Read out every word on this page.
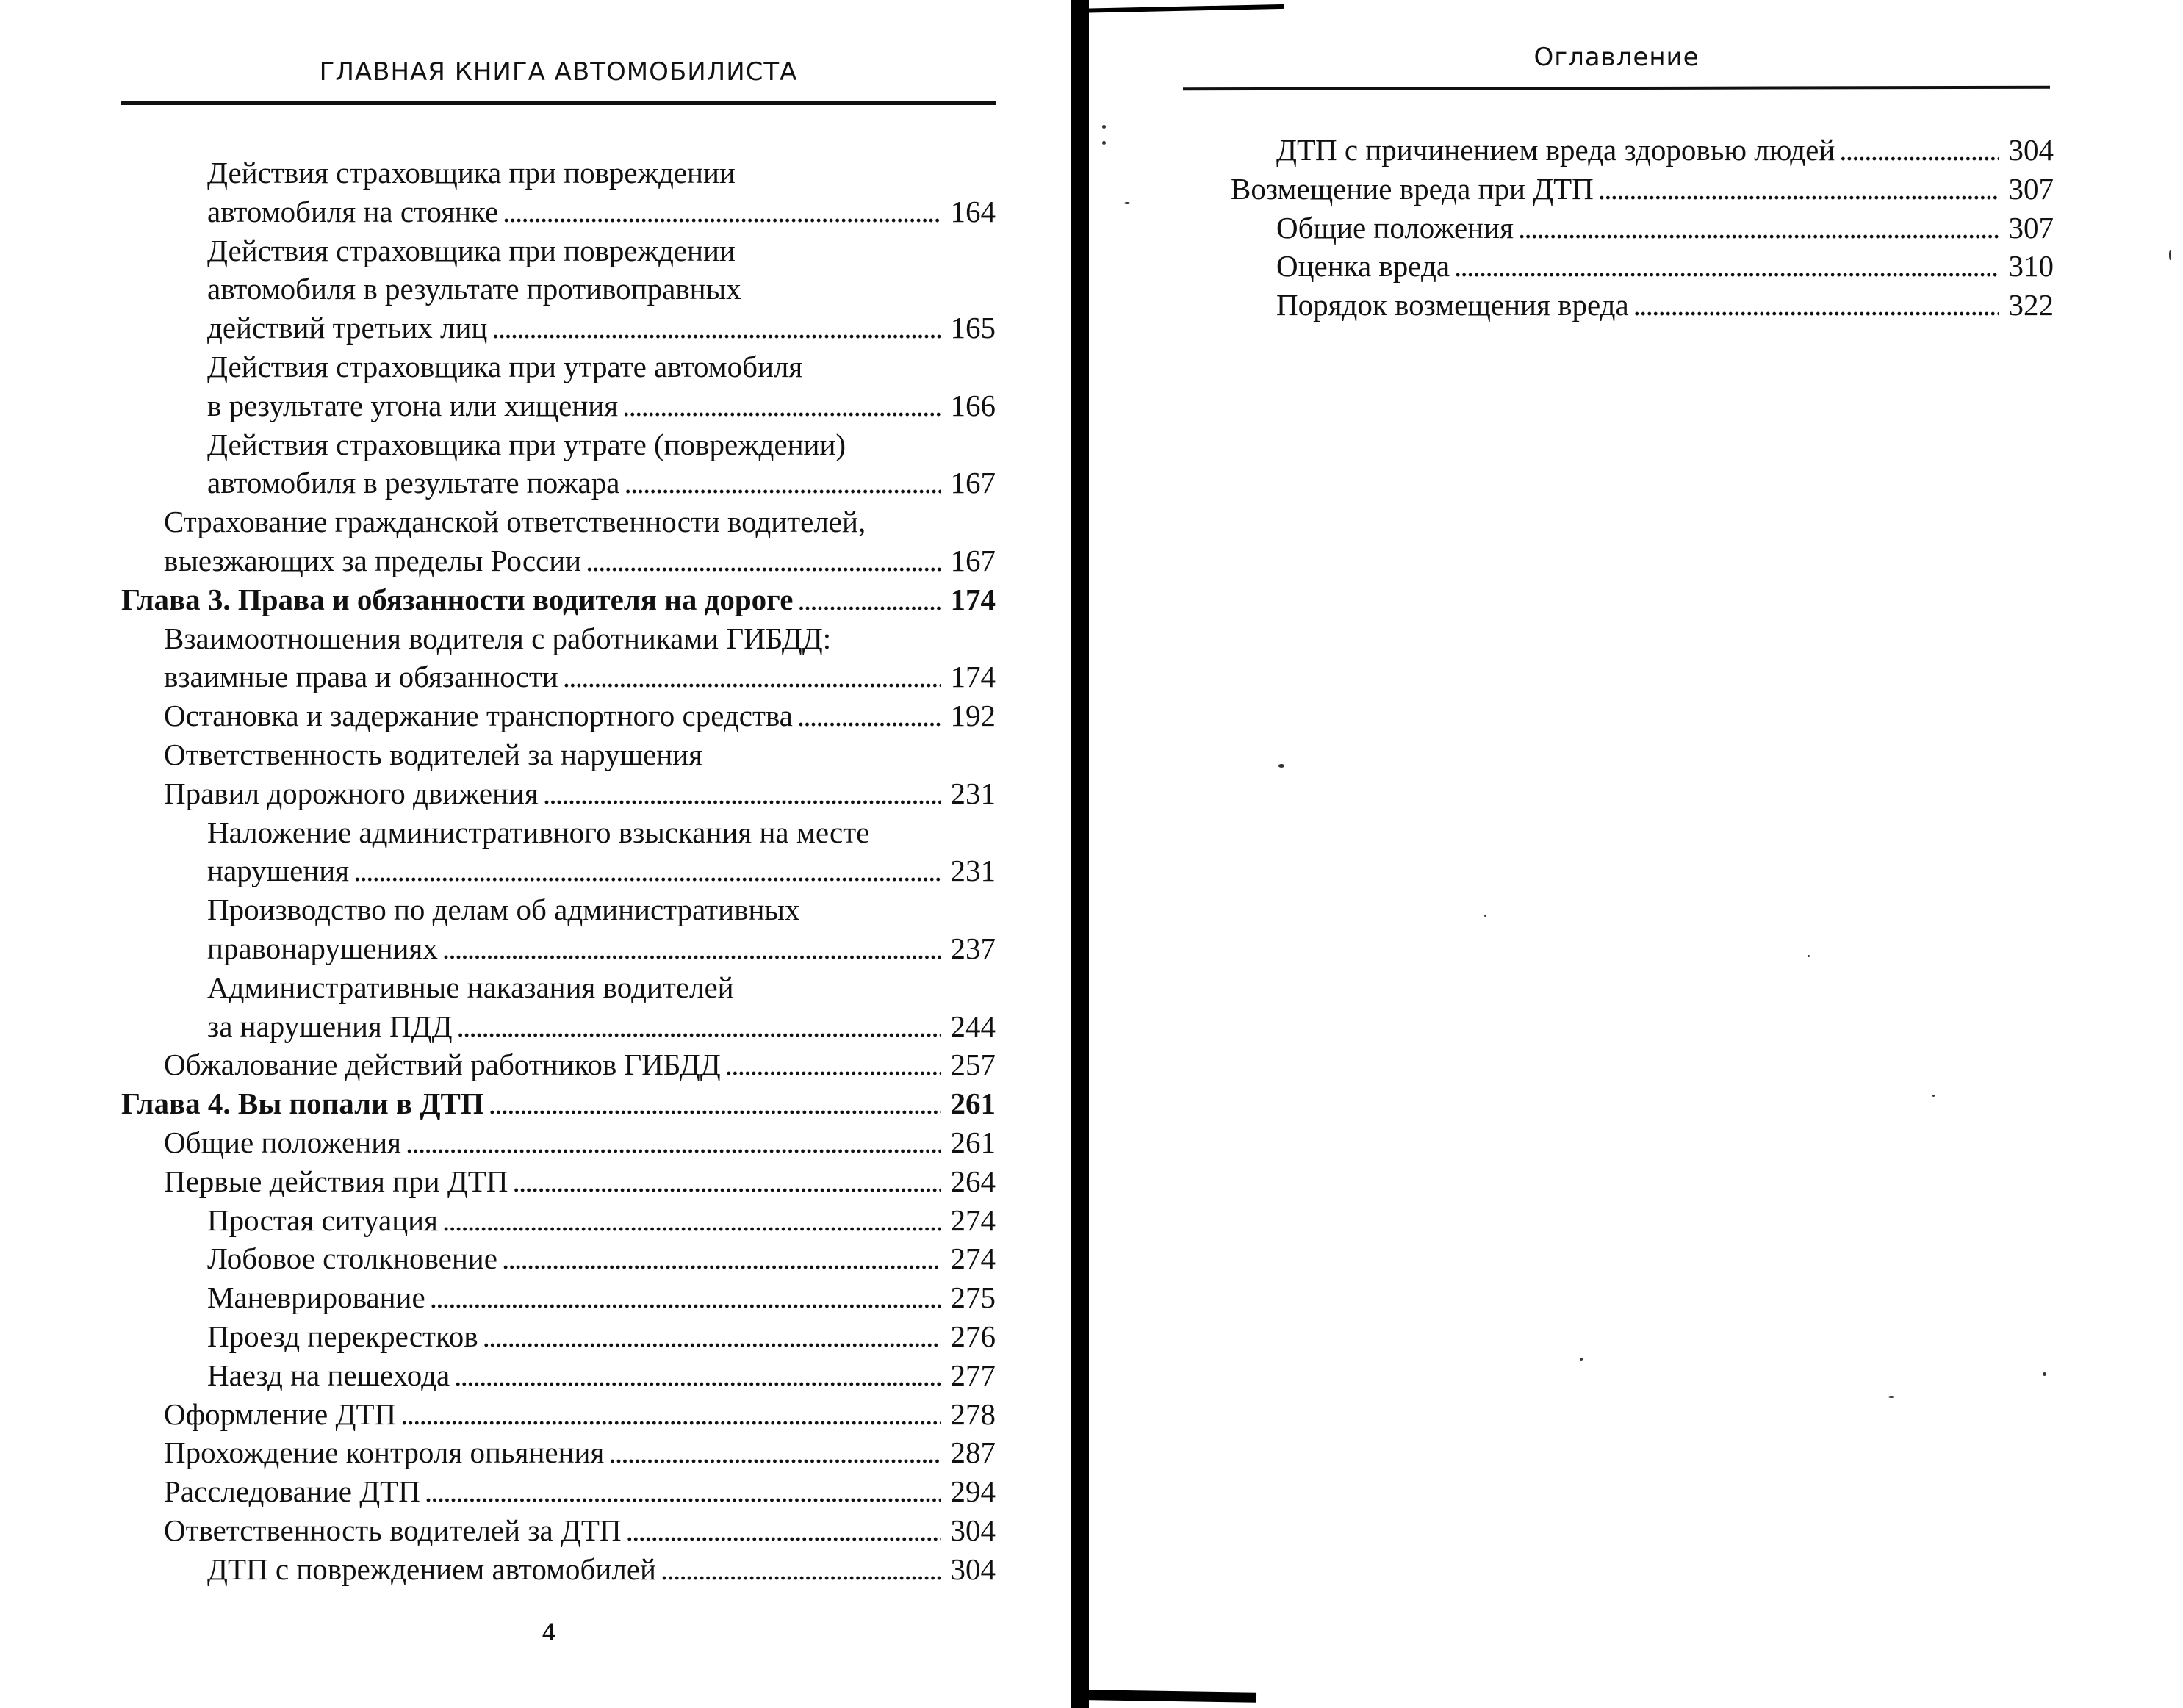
ГЛАВНАЯ КНИГА АВТОМОБИЛИСТА
Действия страховщика при повреждении
автомобиля на стоянке . . .	164
Действия страховщика при повреждении
автомобиля в результате противоправных
действий третьих лиц . . .	165
Действия страховщика при утрате автомобиля
в результате угона или хищения . . .	166
Действия страховщика при утрате (повреждении)
автомобиля в результате пожара . . .	167
Страхование гражданской ответственности водителей,
выезжающих за пределы России . . .	167
Глава 3. Права и обязанности водителя на дороге . . .	174
Взаимоотношения водителя с работниками ГИБДД:
взаимные права и обязанности . . .	174
Остановка и задержание транспортного средства . . .	192
Ответственность водителей за нарушения
Правил дорожного движения . . .	231
Наложение административного взыскания на месте
нарушения . . .	231
Производство по делам об административных
правонарушениях . . .	237
Административные наказания водителей
за нарушения ПДД . . .	244
Обжалование действий работников ГИБДД . . .	257
Глава 4. Вы попали в ДТП . . .	261
Общие положения . . .	261
Первые действия при ДТП . . .	264
Простая ситуация . . .	274
Лобовое столкновение . . .	274
Маневрирование . . .	275
Проезд перекрестков . . .	276
Наезд на пешехода . . .	277
Оформление ДТП . . .	278
Прохождение контроля опьянения . . .	287
Расследование ДТП . . .	294
Ответственность водителей за ДТП . . .	304
ДТП с повреждением автомобилей . . .	304
4
Оглавление
ДТП с причинением вреда здоровью людей . . .	304
Возмещение вреда при ДТП . . .	307
Общие положения . . .	307
Оценка вреда . . .	310
Порядок возмещения вреда . . .	322
